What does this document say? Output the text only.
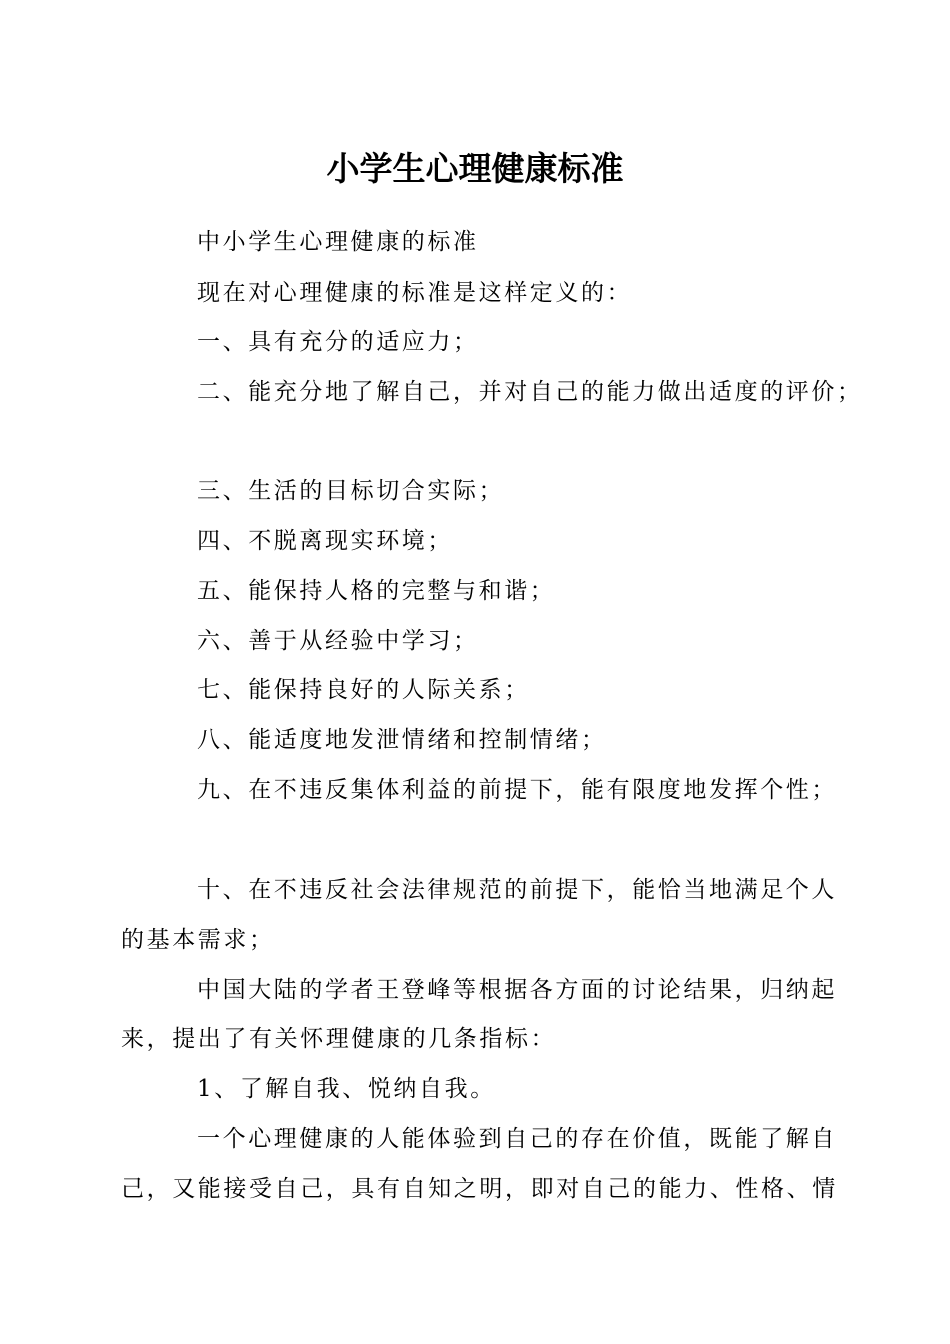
小学生心理健康标准
中小学生心理健康的标准
现在对心理健康的标准是这样定义的：
一、具有充分的适应力；
二、能充分地了解自己，并对自己的能力做出适度的评价；
三、生活的目标切合实际；
四、不脱离现实环境；
五、能保持人格的完整与和谐；
六、善于从经验中学习；
七、能保持良好的人际关系；
八、能适度地发泄情绪和控制情绪；
九、在不违反集体利益的前提下，能有限度地发挥个性；
十、在不违反社会法律规范的前提下，能恰当地满足个人
的基本需求；
中国大陆的学者王登峰等根据各方面的讨论结果，归纳起
来，提出了有关怀理健康的几条指标：
1、了解自我、悦纳自我。
一个心理健康的人能体验到自己的存在价值，既能了解自
己，又能接受自己，具有自知之明，即对自己的能力、性格、情
